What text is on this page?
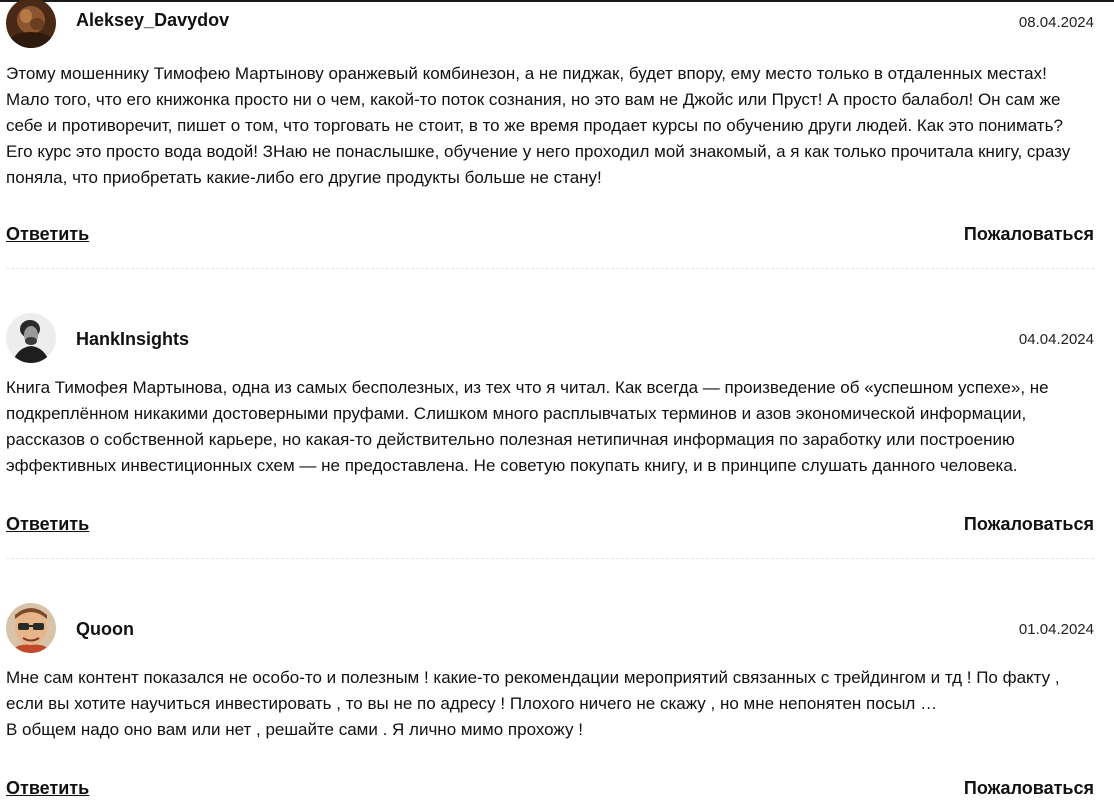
Aleksey_Davydov	08.04.2024

Этому мошеннику Тимофею Мартынову оранжевый комбинезон, а не пиджак, будет впору, ему место только в отдаленных местах! Мало того, что его книжонка просто ни о чем, какой-то поток сознания, но это вам не Джойс или Пруст! А просто балабол! Он сам же себе и противоречит, пишет о том, что торговать не стоит, в то же время продает курсы по обучению други людей. Как это понимать? Его курс это просто вода водой! ЗНаю не понаслышке, обучение у него проходил мой знакомый, а я как только прочитала книгу, сразу поняла, что приобретать какие-либо его другие продукты больше не стану!

Ответить	Пожаловаться
HankInsights	04.04.2024

Книга Тимофея Мартынова, одна из самых бесполезных, из тех что я читал. Как всегда — произведение об «успешном успехе», не подкреплённом никакими достоверными пруфами. Слишком много расплывчатых терминов и азов экономической информации, рассказов о собственной карьере, но какая-то действительно полезная нетипичная информация по заработку или построению эффективных инвестиционных схем — не предоставлена. Не советую покупать книгу, и в принципе слушать данного человека.

Ответить	Пожаловаться
Quoon	01.04.2024

Мне сам контент показался не особо-то и полезным ! какие-то рекомендации мероприятий связанных с трейдингом и тд ! По факту , если вы хотите научиться инвестировать , то вы не по адресу ! Плохого ничего не скажу , но мне непонятен посыл …

В общем надо оно вам или нет , решайте сами . Я лично мимо прохожу !

Ответить	Пожаловаться
